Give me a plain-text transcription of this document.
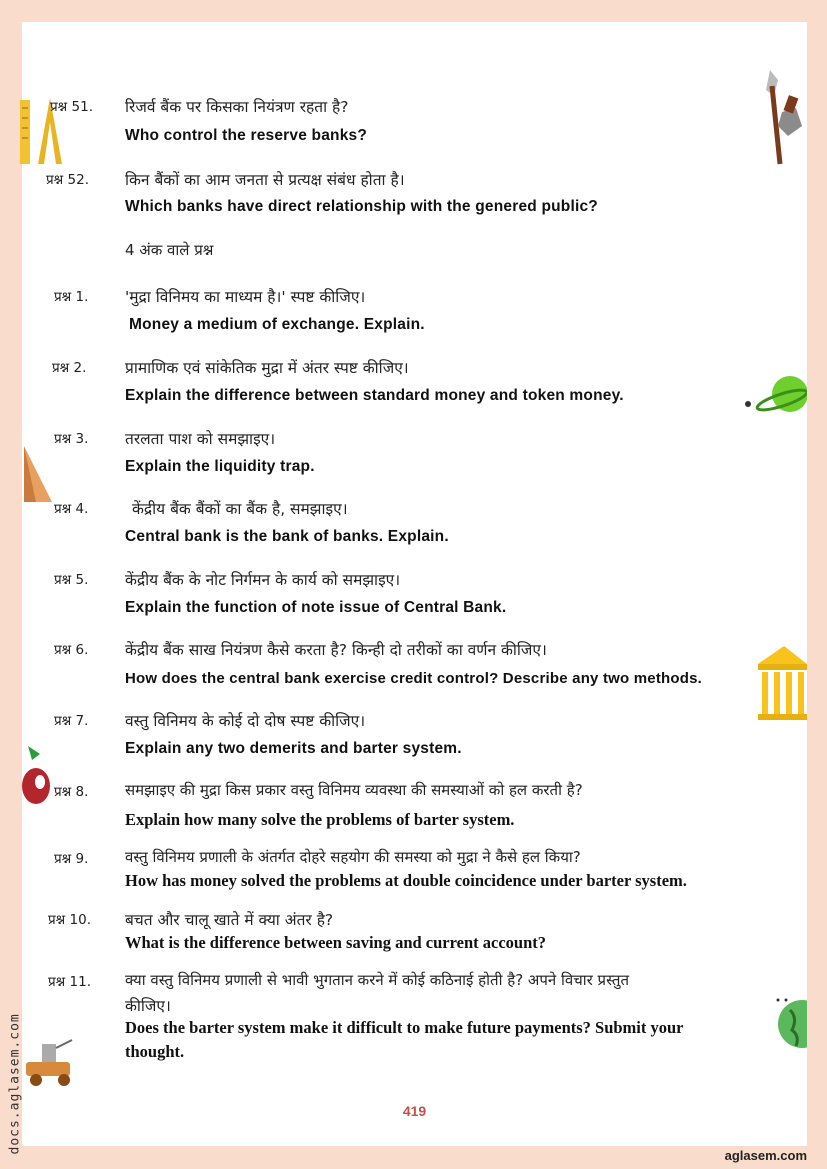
प्रश्न 51. रिजर्व बैंक पर किसका नियंत्रण रहता है?
Who control the reserve banks?
प्रश्न 52. किन बैंकों का आम जनता से प्रत्यक्ष संबंध होता है।
Which banks have direct relationship with the genered public?
4 अंक वाले प्रश्न
प्रश्न 1. 'मुद्रा विनिमय का माध्यम है।' स्पष्ट कीजिए।
Money a medium of exchange. Explain.
प्रश्न 2. प्रामाणिक एवं सांकेतिक मुद्रा में अंतर स्पष्ट कीजिए।
Explain the difference between standard money and token money.
प्रश्न 3. तरलता पाश को समझाइए।
Explain the liquidity trap.
प्रश्न 4.	केंद्रीय बैंक बैंकों का बैंक है, समझाइए।
Central bank is the bank of banks. Explain.
प्रश्न 5. केंद्रीय बैंक के नोट निर्गमन के कार्य को समझाइए।
Explain the function of note issue of Central Bank.
प्रश्न 6. केंद्रीय बैंक साख नियंत्रण कैसे करता है? किन्ही दो तरीकों का वर्णन कीजिए।
How does the central bank exercise credit control? Describe any two methods.
प्रश्न 7. वस्तु विनिमय के कोई दो दोष स्पष्ट कीजिए।
Explain any two demerits and barter system.
प्रश्न 8. समझाइए की मुद्रा किस प्रकार वस्तु विनिमय व्यवस्था की समस्याओं को हल करती है?
Explain how many solve the problems of barter system.
प्रश्न 9. वस्तु विनिमय प्रणाली के अंतर्गत दोहरे सहयोग की समस्या को मुद्रा ने कैसे हल किया?
How has money solved the problems at double coincidence under barter system.
प्रश्न 10. बचत और चालू खाते में क्या अंतर है?
What is the difference between saving and current account?
प्रश्न 11. क्या वस्तु विनिमय प्रणाली से भावी भुगतान करने में कोई कठिनाई होती है? अपने विचार प्रस्तुत
कीजिए।
Does the barter system make it difficult to make future payments? Submit your
thought.
419
docs.aglasem.com
aglasem.com
